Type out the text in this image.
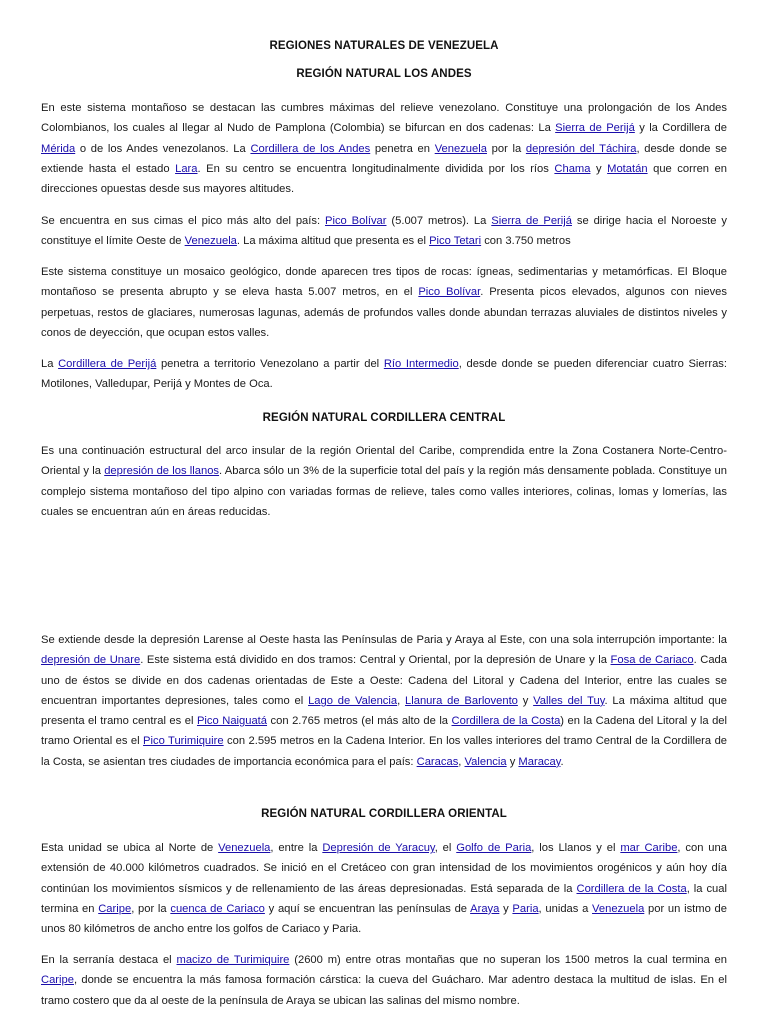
REGIONES NATURALES DE VENEZUELA
REGIÓN NATURAL LOS ANDES

En este sistema montañoso se destacan las cumbres máximas del relieve venezolano. Constituye una prolongación de los Andes Colombianos, los cuales al llegar al Nudo de Pamplona (Colombia) se bifurcan en dos cadenas: La Sierra de Perijá y la Cordillera de Mérida o de los Andes venezolanos. La Cordillera de los Andes penetra en Venezuela por la depresión del Táchira, desde donde se extiende hasta el estado Lara. En su centro se encuentra longitudinalmente dividida por los ríos Chama y Motatán que corren en direcciones opuestas desde sus mayores altitudes.

Se encuentra en sus cimas el pico más alto del país: Pico Bolívar (5.007 metros). La Sierra de Perijá se dirige hacia el Noroeste y constituye el límite Oeste de Venezuela. La máxima altitud que presenta es el Pico Tetari con 3.750 metros

Este sistema constituye un mosaico geológico, donde aparecen tres tipos de rocas: ígneas, sedimentarias y metamórficas. El Bloque montañoso se presenta abrupto y se eleva hasta 5.007 metros, en el Pico Bolívar. Presenta picos elevados, algunos con nieves perpetuas, restos de glaciares, numerosas lagunas, además de profundos valles donde abundan terrazas aluviales de distintos niveles y conos de deyección, que ocupan estos valles.

La Cordillera de Perijá penetra a territorio Venezolano a partir del Río Intermedio, desde donde se pueden diferenciar cuatro Sierras: Motilones, Valledupar, Perijá y Montes de Oca.

REGIÓN NATURAL CORDILLERA CENTRAL

Es una continuación estructural del arco insular de la región Oriental del Caribe, comprendida entre la Zona Costanera Norte-Centro-Oriental y la depresión de los llanos. Abarca sólo un 3% de la superficie total del país y la región más densamente poblada. Constituye un complejo sistema montañoso del tipo alpino con variadas formas de relieve, tales como valles interiores, colinas, lomas y lomerías, las cuales se encuentran aún en áreas reducidas.

Se extiende desde la depresión Larense al Oeste hasta las Penínsulas de Paria y Araya al Este, con una sola interrupción importante: la depresión de Unare. Este sistema está dividido en dos tramos: Central y Oriental, por la depresión de Unare y la Fosa de Cariaco. Cada uno de éstos se divide en dos cadenas orientadas de Este a Oeste: Cadena del Litoral y Cadena del Interior, entre las cuales se encuentran importantes depresiones, tales como el Lago de Valencia, Llanura de Barlovento y Valles del Tuy. La máxima altitud que presenta el tramo central es el Pico Naiguatá con 2.765 metros (el más alto de la Cordillera de la Costa) en la Cadena del Litoral y la del tramo Oriental es el Pico Turimiquire con 2.595 metros en la Cadena Interior. En los valles interiores del tramo Central de la Cordillera de la Costa, se asientan tres ciudades de importancia económica para el país: Caracas, Valencia y Maracay.

REGIÓN NATURAL CORDILLERA ORIENTAL

Esta unidad se ubica al Norte de Venezuela, entre la Depresión de Yaracuy, el Golfo de Paria, los Llanos y el mar Caribe, con una extensión de 40.000 kilómetros cuadrados. Se inició en el Cretáceo con gran intensidad de los movimientos orogénicos y aún hoy día continúan los movimientos sísmicos y de rellenamiento de las áreas depresionadas. Está separada de la Cordillera de la Costa, la cual termina en Caripe, por la cuenca de Cariaco y aquí se encuentran las penínsulas de Araya y Paria, unidas a Venezuela por un istmo de unos 80 kilómetros de ancho entre los golfos de Cariaco y Paria.

En la serranía destaca el macizo de Turimiquire (2600 m) entre otras montañas que no superan los 1500 metros la cual termina en Caripe, donde se encuentra la más famosa formación cárstica: la cueva del Guácharo. Mar adentro destaca la multitud de islas. En el tramo costero que da al oeste de la península de Araya se ubican las salinas del mismo nombre.
